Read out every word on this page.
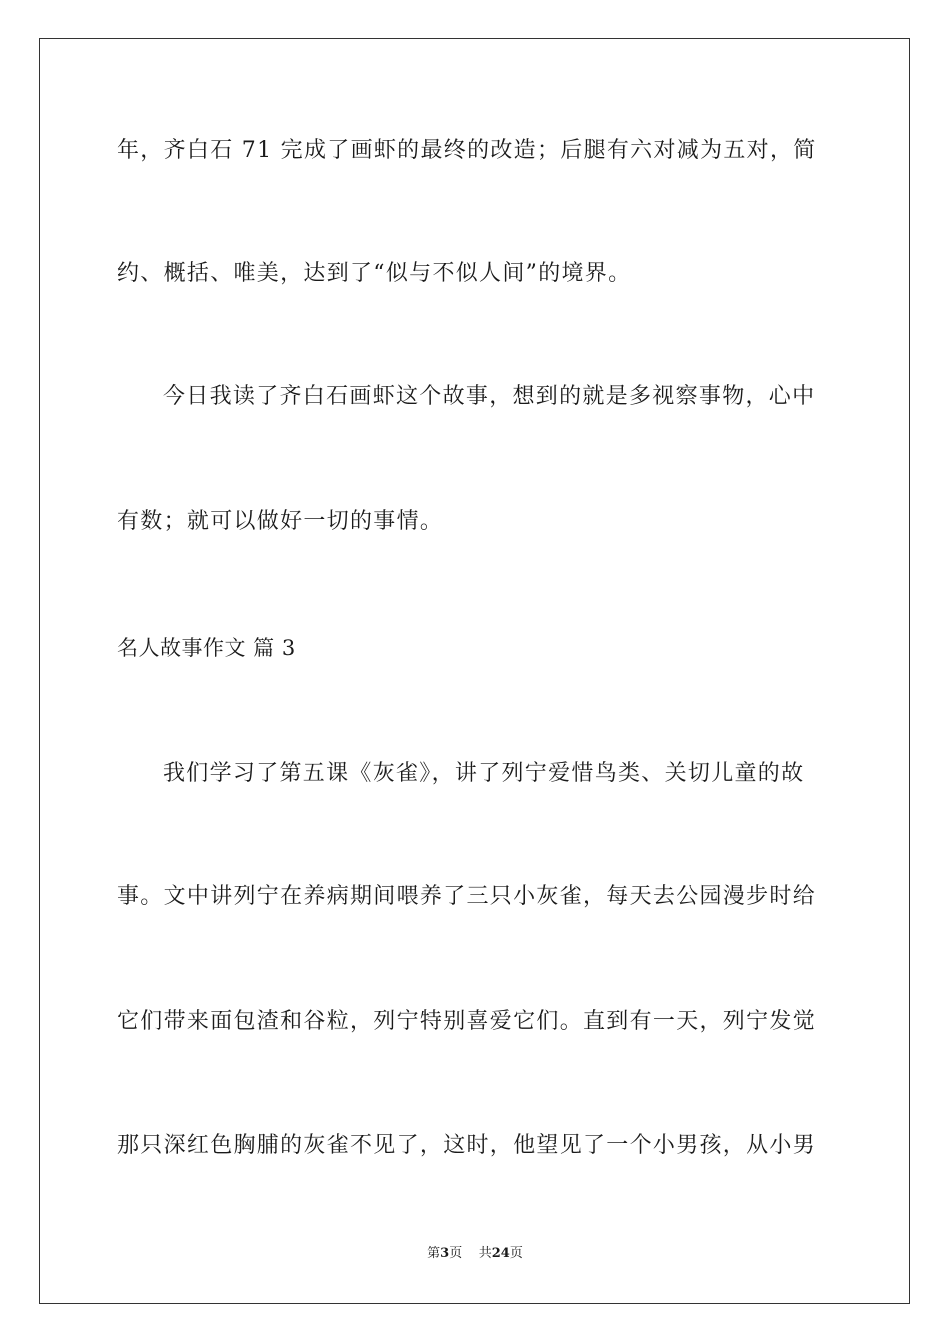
年，齐白石 71 完成了画虾的最终的改造；后腿有六对减为五对，简
约、概括、唯美，达到了“似与不似人间”的境界。
今日我读了齐白石画虾这个故事，想到的就是多视察事物，心中
有数；就可以做好一切的事情。
名人故事作文 篇 3
我们学习了第五课《灰雀》，讲了列宁爱惜鸟类、关切儿童的故
事。文中讲列宁在养病期间喂养了三只小灰雀，每天去公园漫步时给
它们带来面包渣和谷粒，列宁特别喜爱它们。直到有一天，列宁发觉
那只深红色胸脯的灰雀不见了，这时，他望见了一个小男孩，从小男
第3页 共24页
